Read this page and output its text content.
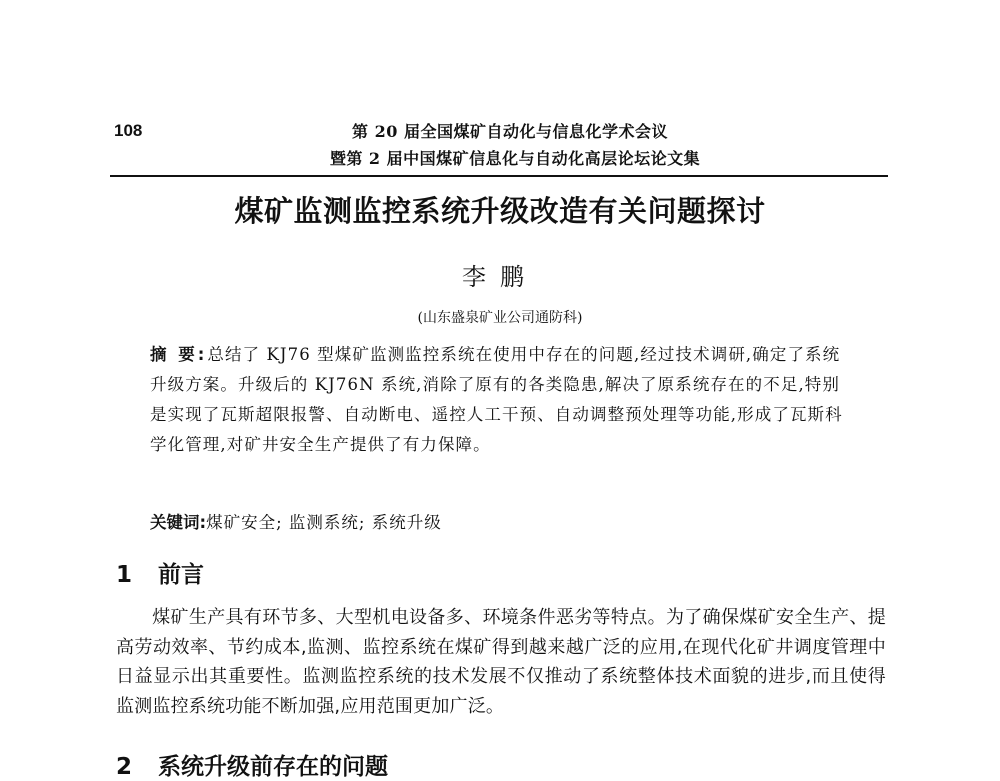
108	第 20 届全国煤矿自动化与信息化学术会议
暨第 2 届中国煤矿信息化与自动化高层论坛论文集
煤矿监测监控系统升级改造有关问题探讨
李鹏
(山东盛泉矿业公司通防科)
摘 要:总结了 KJ76 型煤矿监测监控系统在使用中存在的问题,经过技术调研,确定了系统升级方案。升级后的 KJ76N 系统,消除了原有的各类隐患,解决了原系统存在的不足,特别是实现了瓦斯超限报警、自动断电、遥控人工干预、自动调整预处理等功能,形成了瓦斯科学化管理,对矿井安全生产提供了有力保障。
关键词:煤矿安全; 监测系统; 系统升级
1 前言
煤矿生产具有环节多、大型机电设备多、环境条件恶劣等特点。为了确保煤矿安全生产、提高劳动效率、节约成本,监测、监控系统在煤矿得到越来越广泛的应用,在现代化矿井调度管理中日益显示出其重要性。监测监控系统的技术发展不仅推动了系统整体技术面貌的进步,而且使得监测监控系统功能不断加强,应用范围更加广泛。
2 系统升级前存在的问题
